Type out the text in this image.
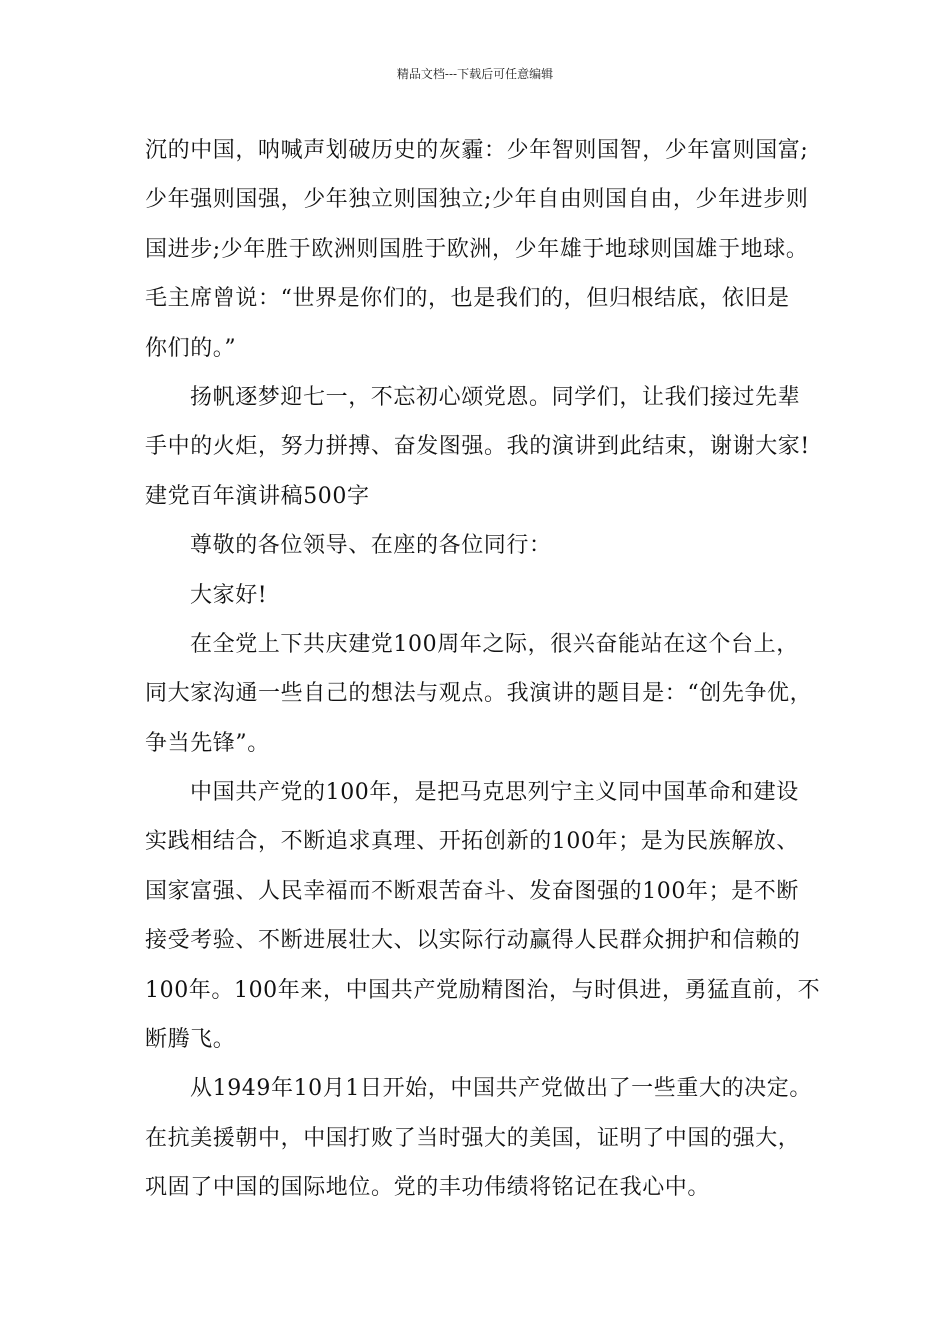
精品文档---下载后可任意编辑
沉的中国，呐喊声划破历史的灰霾：少年智则国智，少年富则国富;
少年强则国强，少年独立则国独立;少年自由则国自由，少年进步则
国进步;少年胜于欧洲则国胜于欧洲，少年雄于地球则国雄于地球。
毛主席曾说：“世界是你们的，也是我们的，但归根结底，依旧是
你们的。”
扬帆逐梦迎七一，不忘初心颂党恩。同学们，让我们接过先辈
手中的火炬，努力拼搏、奋发图强。我的演讲到此结束，谢谢大家!
建党百年演讲稿500字
尊敬的各位领导、在座的各位同行：
大家好!
在全党上下共庆建党100周年之际，很兴奋能站在这个台上，
同大家沟通一些自己的想法与观点。我演讲的题目是：“创先争优，
争当先锋”。
中国共产党的100年，是把马克思列宁主义同中国革命和建设
实践相结合，不断追求真理、开拓创新的100年；是为民族解放、
国家富强、人民幸福而不断艰苦奋斗、发奋图强的100年；是不断
接受考验、不断进展壮大、以实际行动赢得人民群众拥护和信赖的
100年。100年来，中国共产党励精图治，与时俱进，勇猛直前，不
断腾飞。
从1949年10月1日开始，中国共产党做出了一些重大的决定。
在抗美援朝中，中国打败了当时强大的美国，证明了中国的强大，
巩固了中国的国际地位。党的丰功伟绩将铭记在我心中。
